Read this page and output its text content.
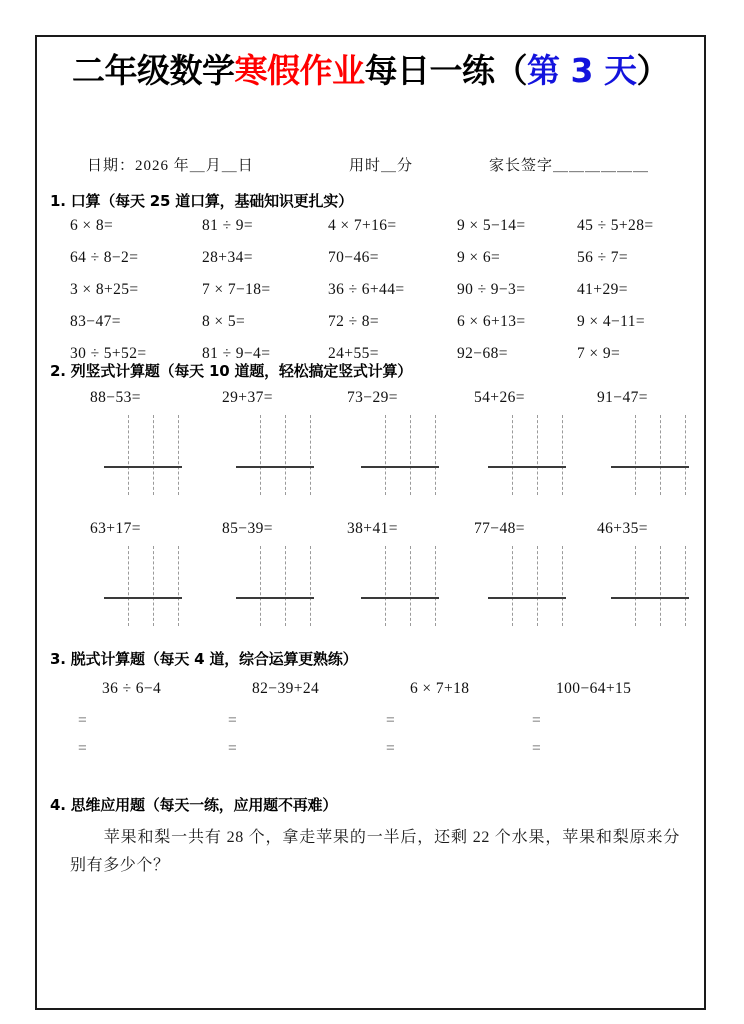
二年级数学寒假作业每日一练（第 3 天）
日期：2026 年＿月＿日	用时＿分	家长签字＿＿＿＿＿＿
1. 口算（每天 25 道口算，基础知识更扎实）
6 × 8=	81 ÷ 9=	4 × 7+16=	9 × 5−14=	45 ÷ 5+28=
64 ÷ 8−2=	28+34=	70−46=	9 × 6=	56 ÷ 7=
3 × 8+25=	7 × 7−18=	36 ÷ 6+44=	90 ÷ 9−3=	41+29=
83−47=	8 × 5=	72 ÷ 8=	6 × 6+13=	9 × 4−11=
30 ÷ 5+52=	81 ÷ 9−4=	24+55=	92−68=	7 × 9=
2. 列竖式计算题（每天 10 道题，轻松搞定竖式计算）
88−53=	29+37=	73−29=	54+26=	91−47=
63+17=	85−39=	38+41=	77−48=	46+35=
3. 脱式计算题（每天 4 道，综合运算更熟练）
36 ÷ 6−4
=
=
82−39+24
=
=
6 × 7+18
=
=
100−64+15
=
=
4. 思维应用题（每天一练，应用题不再难）
　　苹果和梨一共有 28 个，拿走苹果的一半后，还剩 22 个水果，苹果和梨原来分别有多少个？
